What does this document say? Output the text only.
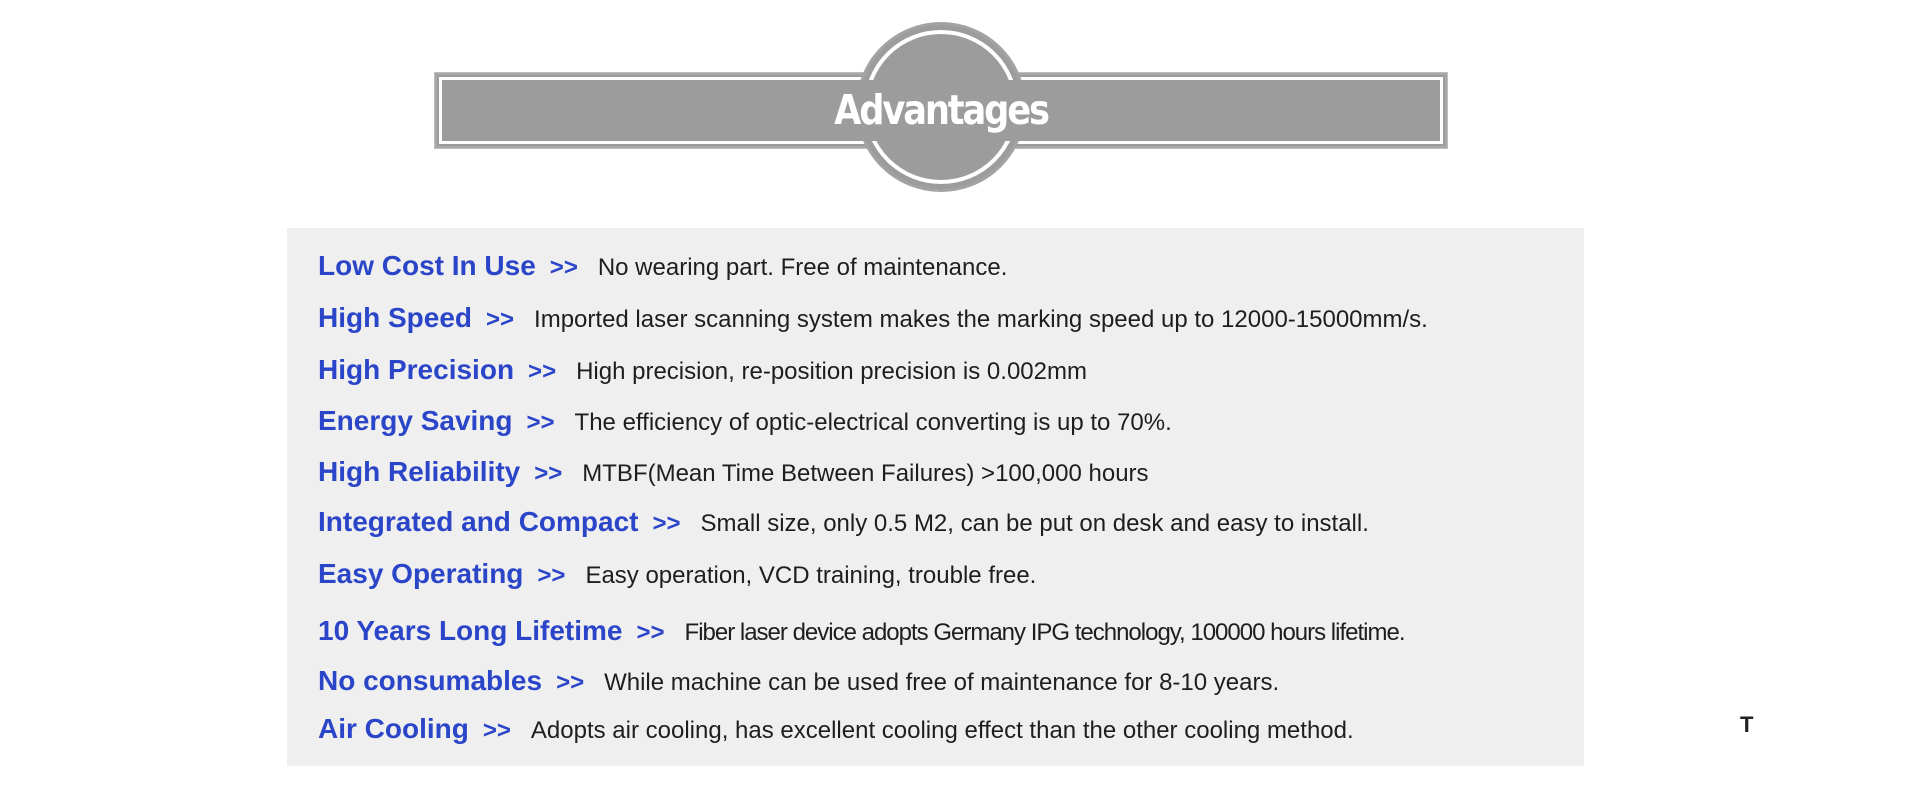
Advantages
Low Cost In Use >> No wearing part. Free of maintenance.
High Speed >> Imported laser scanning system makes the marking speed up to 12000-15000mm/s.
High Precision >> High precision, re-position precision is 0.002mm
Energy Saving >> The efficiency of optic-electrical converting is up to 70%.
High Reliability >> MTBF(Mean Time Between Failures) >100,000 hours
Integrated and Compact >> Small size, only 0.5 M2, can be put on desk and easy to install.
Easy Operating >> Easy operation, VCD training, trouble free.
10 Years Long Lifetime >> Fiber laser device adopts Germany IPG technology, 100000 hours lifetime.
No consumables >> While machine can be used free of maintenance for 8-10 years.
Air Cooling >> Adopts air cooling, has excellent cooling effect than the other cooling method.	T
